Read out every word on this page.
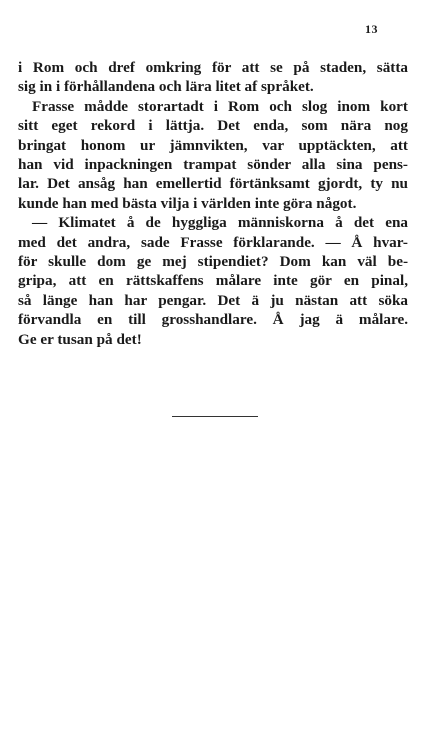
13

i Rom och dref omkring för att se på staden, sätta
sig in i förhållandena och lära litet af språket.

Frasse mådde storartadt i Rom och slog inom kort
sitt eget rekord i lättja. Det enda, som nära nog
bringat honom ur jämnvikten, var upptäckten, att
han vid inpackningen trampat sönder alla sina pens-
lar. Det ansåg han emellertid förtänksamt gjordt, ty nu
kunde han med bästa vilja i världen inte göra något.

— Klimatet å de hyggliga människorna å det ena
med det andra, sade Frasse förklarande. — Å hvar-
för skulle dom ge mej stipendiet? Dom kan väl be-
gripa, att en rättskaffens målare inte gör en pinal,
så länge han har pengar. Det ä ju nästan att söka
förvandla en till grosshandlare. Å jag ä målare.
Ge er tusan på det!
